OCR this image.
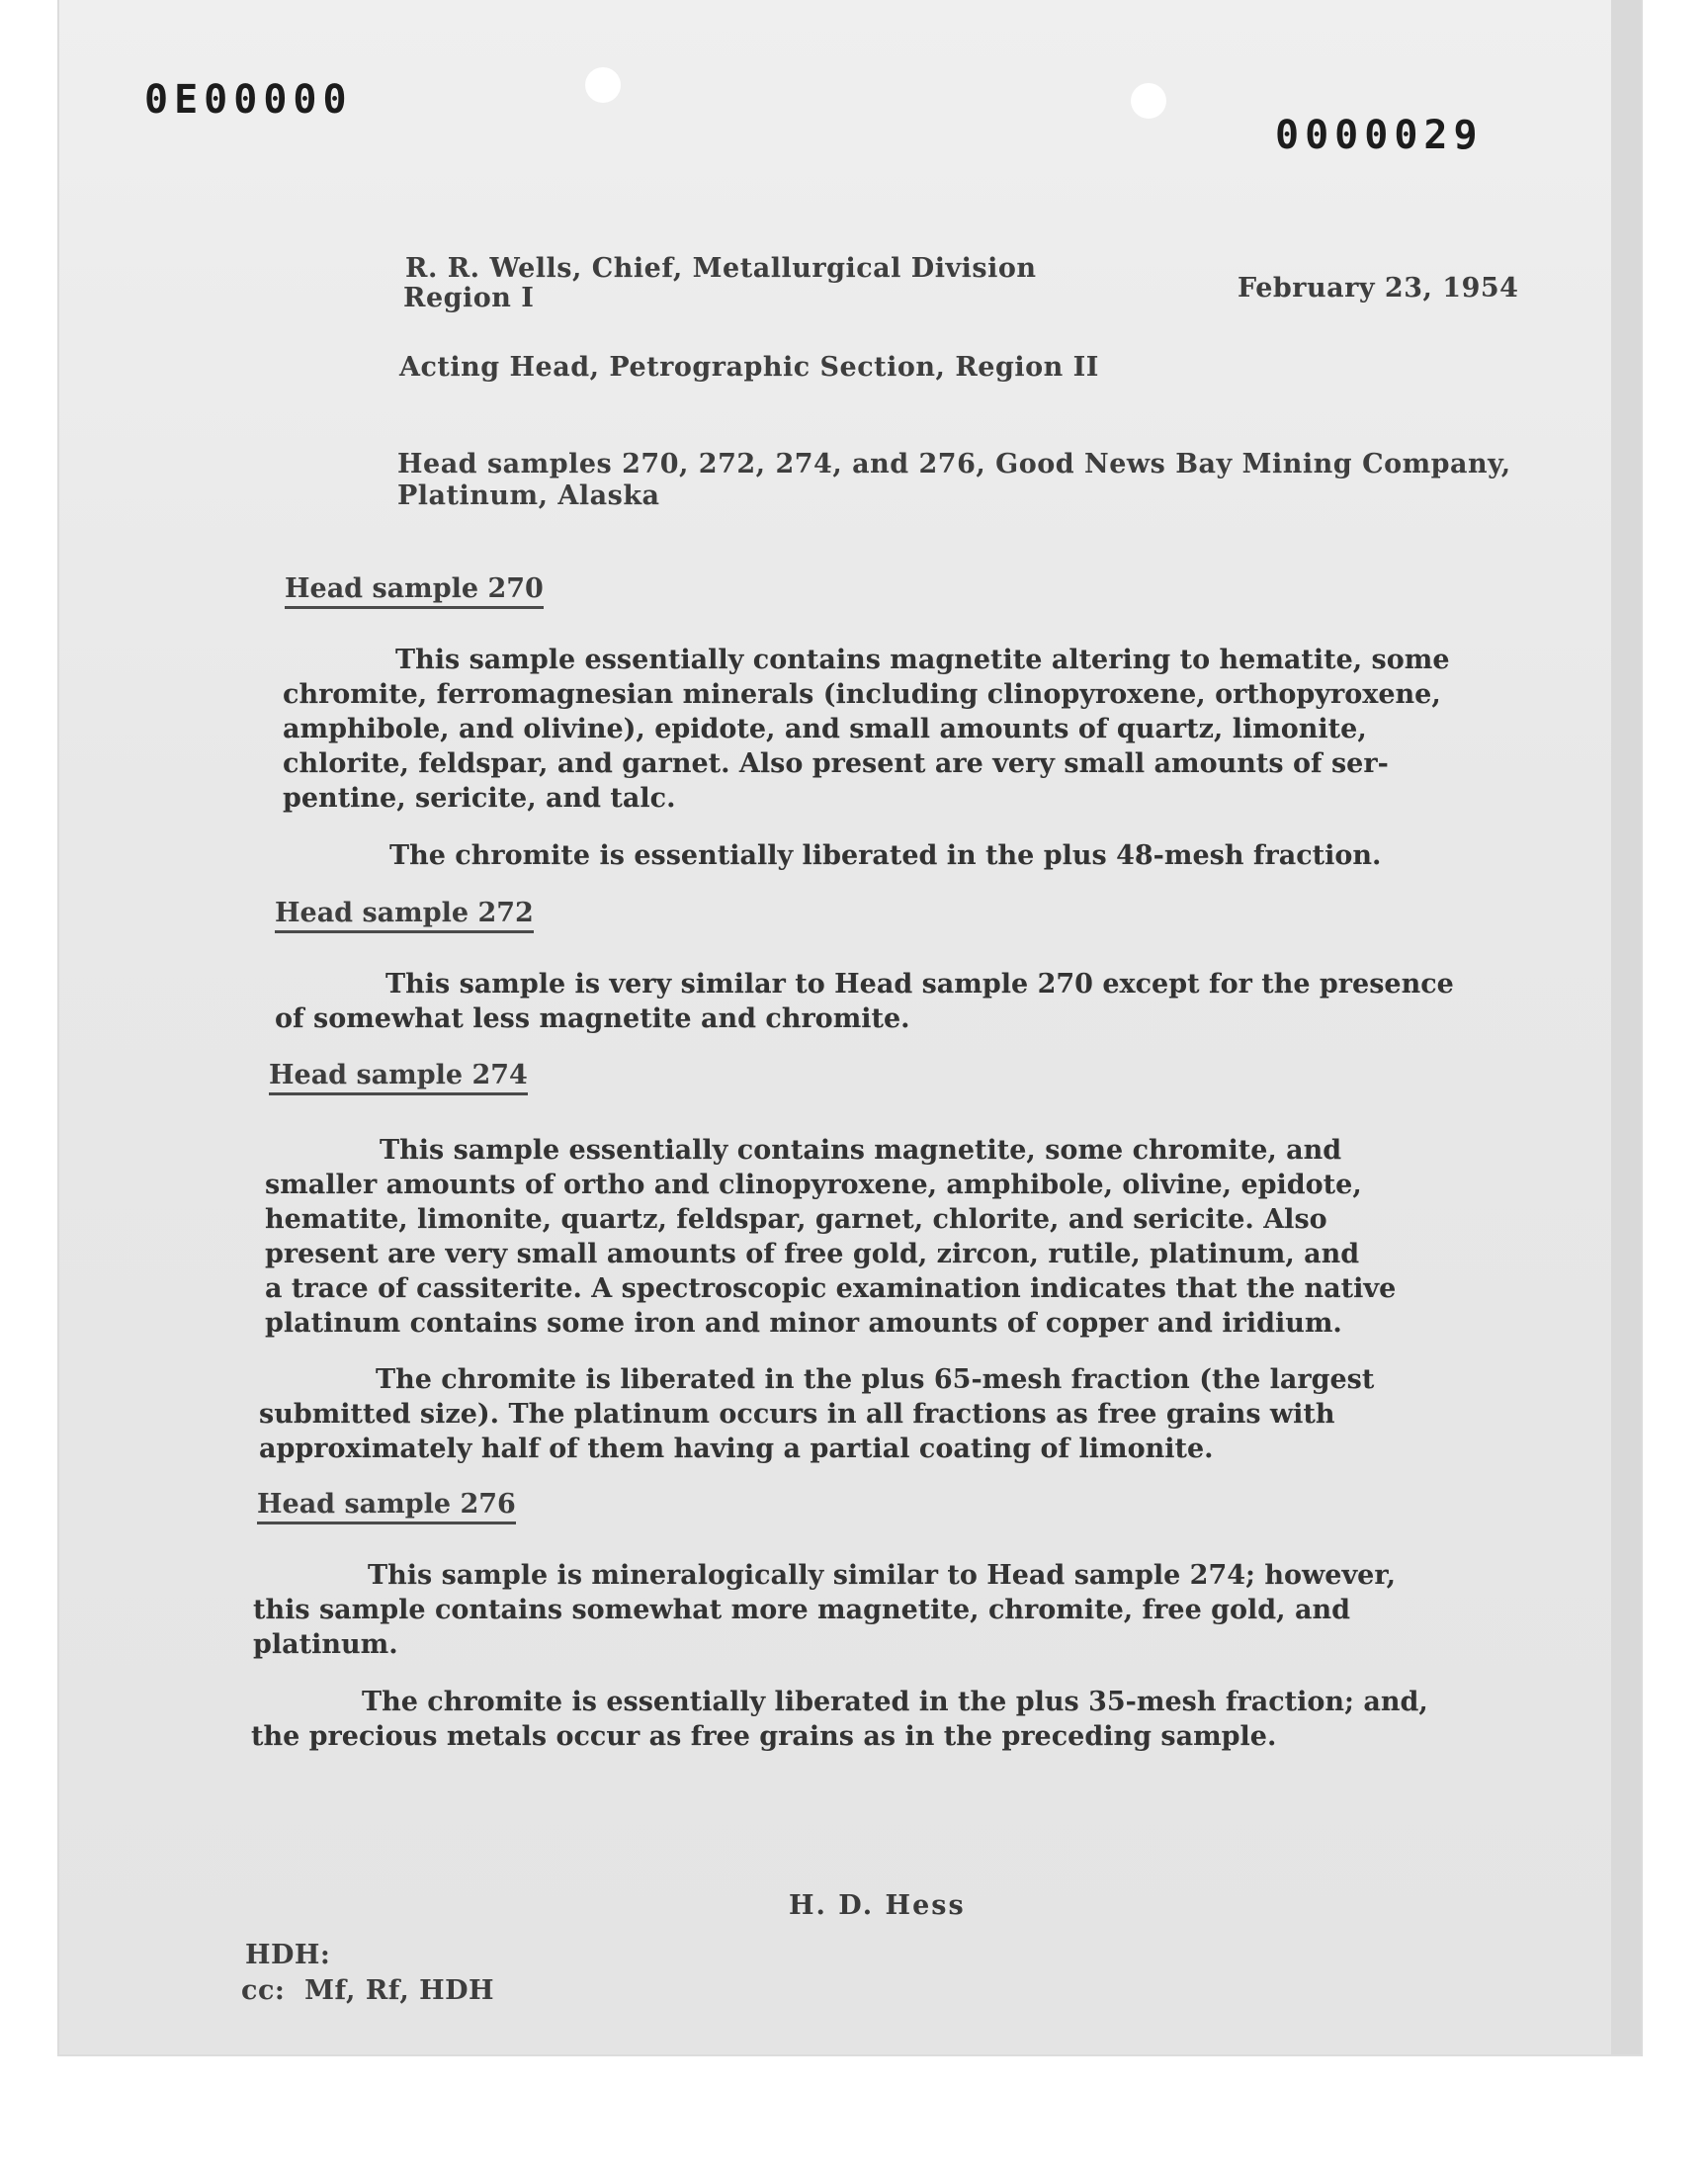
0E00000
0000029
R. R. Wells, Chief, Metallurgical Division
Region I	February 23, 1954
Acting Head, Petrographic Section, Region II
Head samples 270, 272, 274, and 276, Good News Bay Mining Company,
Platinum, Alaska
Head sample 270
This sample essentially contains magnetite altering to hematite, some
chromite, ferromagnesian minerals (including clinopyroxene, orthopyroxene,
amphibole, and olivine), epidote, and small amounts of quartz, limonite,
chlorite, feldspar, and garnet. Also present are very small amounts of ser-
pentine, sericite, and talc.
The chromite is essentially liberated in the plus 48-mesh fraction.
Head sample 272
This sample is very similar to Head sample 270 except for the presence
of somewhat less magnetite and chromite.
Head sample 274
This sample essentially contains magnetite, some chromite, and
smaller amounts of ortho and clinopyroxene, amphibole, olivine, epidote,
hematite, limonite, quartz, feldspar, garnet, chlorite, and sericite. Also
present are very small amounts of free gold, zircon, rutile, platinum, and
a trace of cassiterite. A spectroscopic examination indicates that the native
platinum contains some iron and minor amounts of copper and iridium.
The chromite is liberated in the plus 65-mesh fraction (the largest
submitted size). The platinum occurs in all fractions as free grains with
approximately half of them having a partial coating of limonite.
Head sample 276
This sample is mineralogically similar to Head sample 274; however,
this sample contains somewhat more magnetite, chromite, free gold, and
platinum.
The chromite is essentially liberated in the plus 35-mesh fraction; and,
the precious metals occur as free grains as in the preceding sample.
H. D. Hess
HDH:
cc:  Mf, Rf, HDH
